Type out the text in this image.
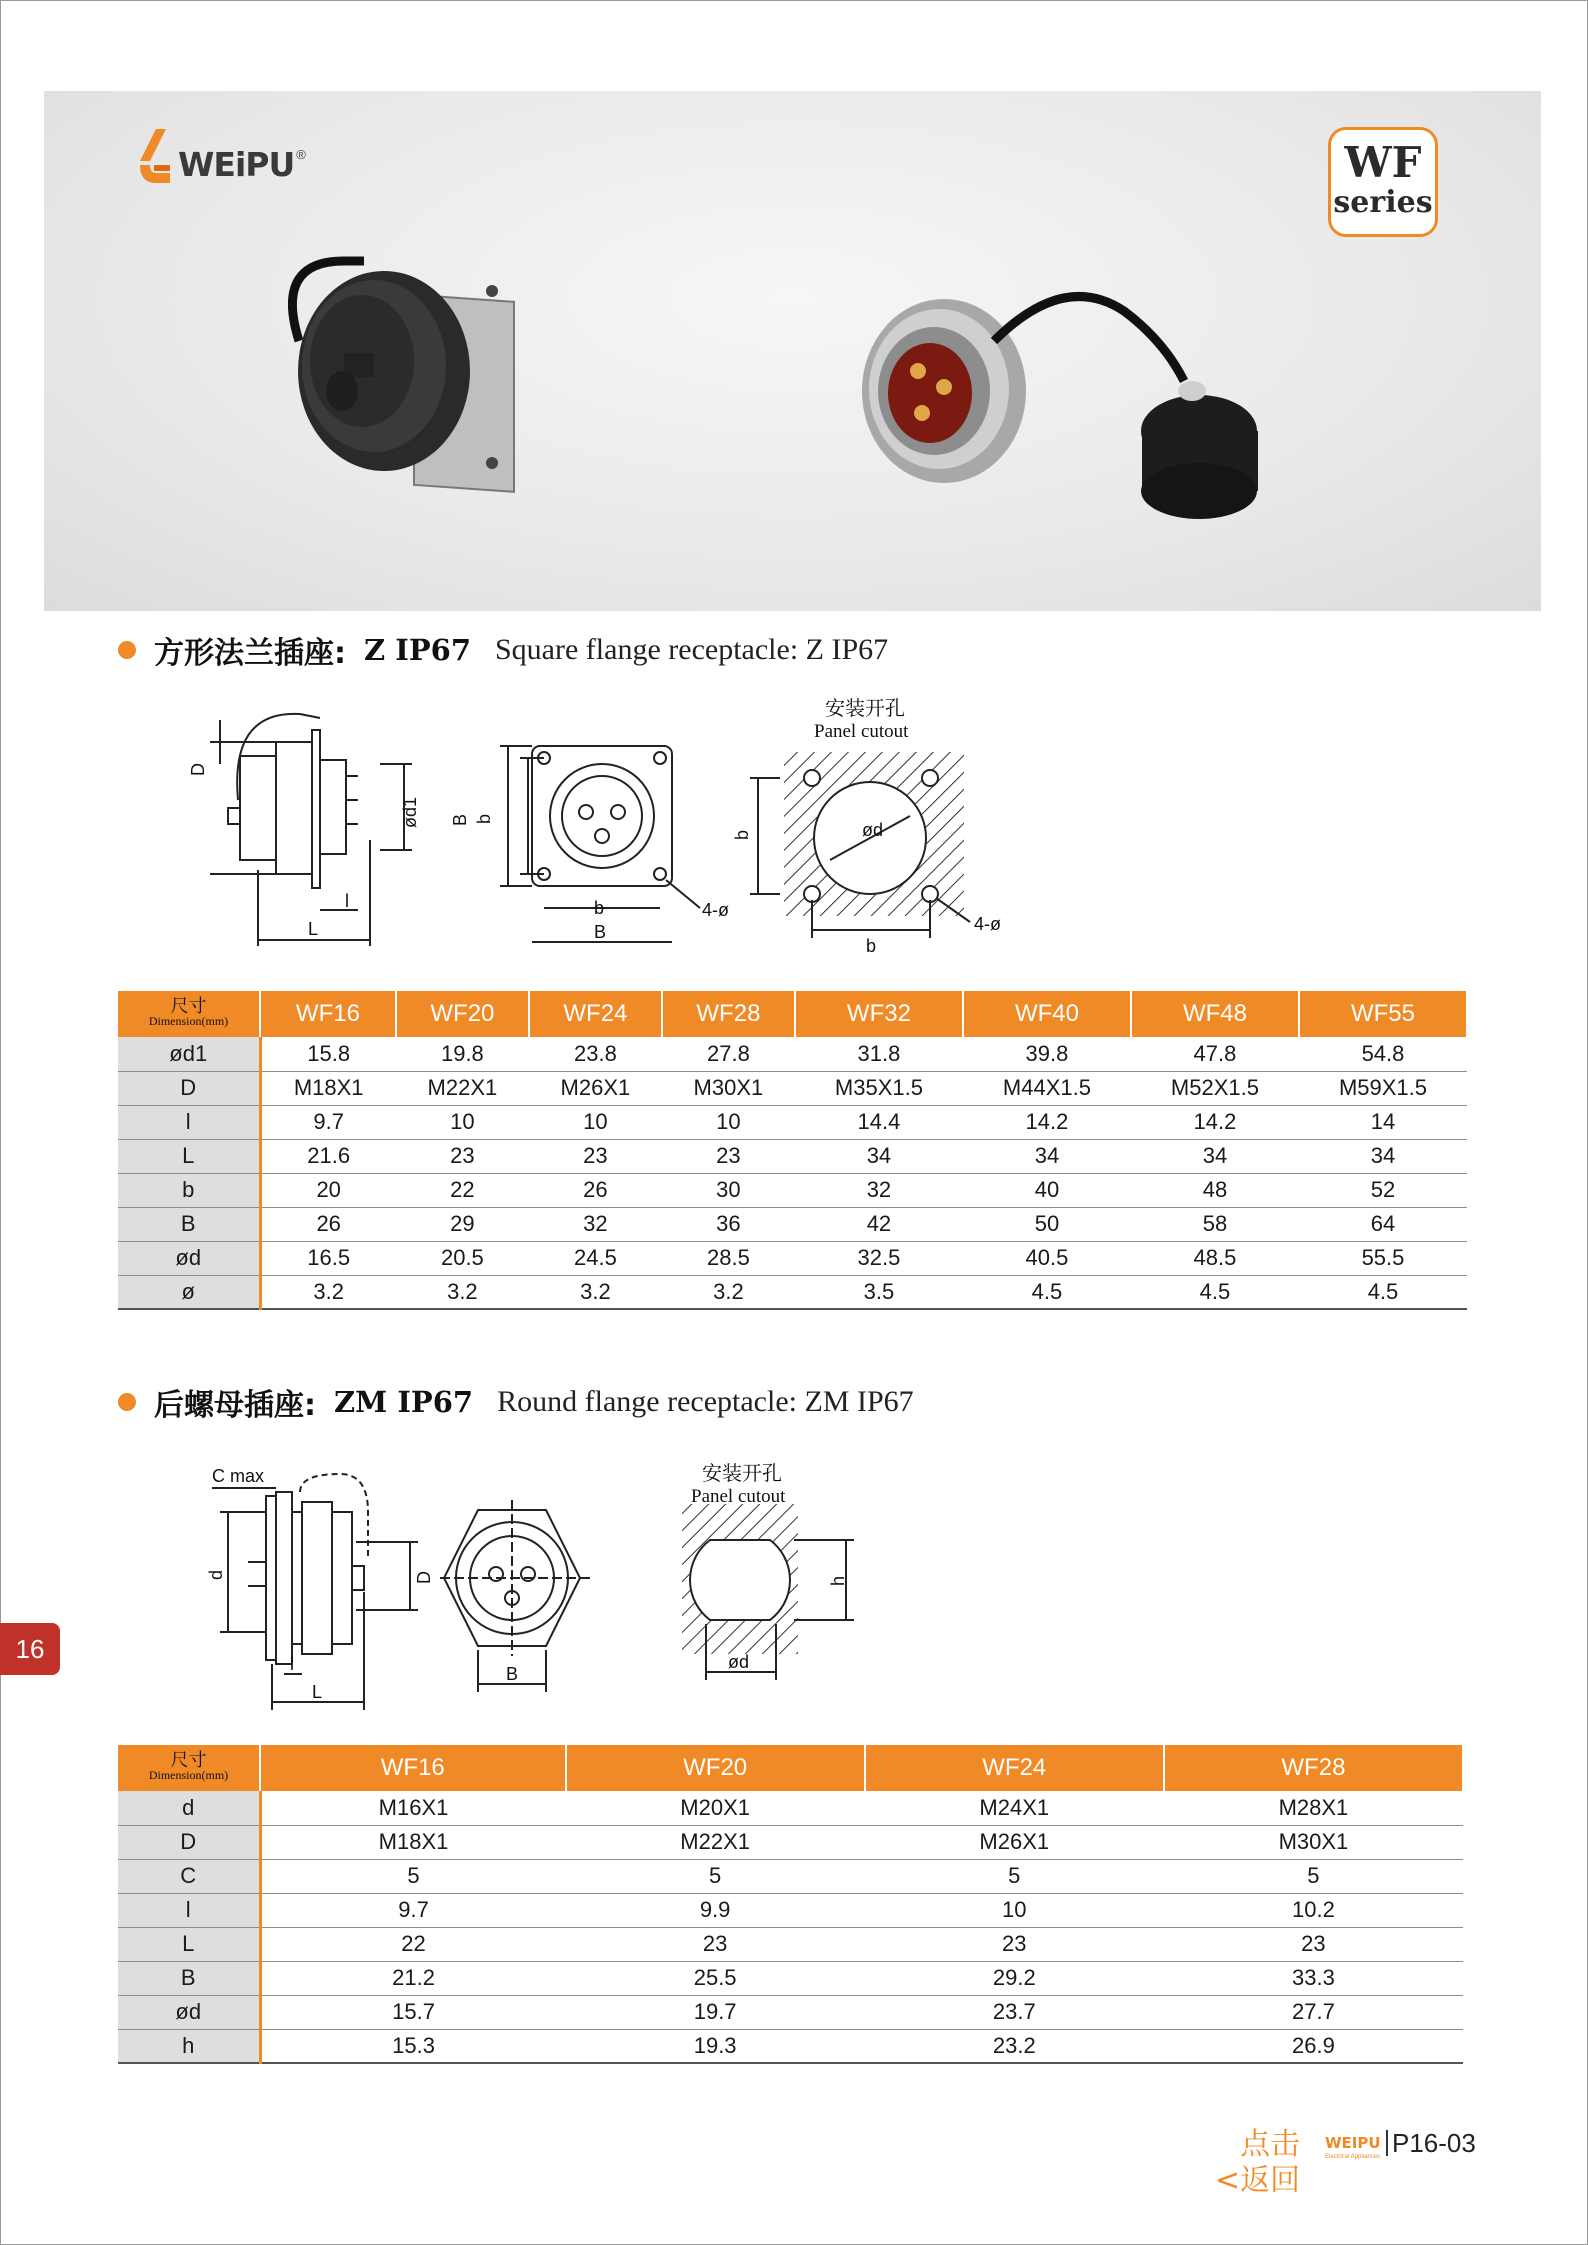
WEiPU ®	WF
series
方形法兰插座: Z IP67 Square flange receptacle: Z IP67
D
ød1
l
L
B b
b
B
4-ø
安装开孔
Panel cutout
b
b
ød
4-ø
尺寸
Dimension(mm)	WF16	WF20	WF24	WF28	WF32	WF40	WF48	WF55
ød1	15.8	19.8	23.8	27.8	31.8	39.8	47.8	54.8
D	M18X1	M22X1	M26X1	M30X1	M35X1.5	M44X1.5	M52X1.5	M59X1.5
l	9.7	10	10	10	14.4	14.2	14.2	14
L	21.6	23	23	23	34	34	34	34
b	20	22	26	30	32	40	48	52
B	26	29	32	36	42	50	58	64
ød	16.5	20.5	24.5	28.5	32.5	40.5	48.5	55.5
ø	3.2	3.2	3.2	3.2	3.5	4.5	4.5	4.5
后螺母插座: ZM IP67 Round flange receptacle: ZM IP67
C max
D
d
l
L
B
安装开孔
Panel cutout
h
ød
尺寸
Dimension(mm)	WF16	WF20	WF24	WF28
d	M16X1	M20X1	M24X1	M28X1
D	M18X1	M22X1	M26X1	M30X1
C	5	5	5	5
l	9.7	9.9	10	10.2
L	22	23	23	23
B	21.2	25.5	29.2	33.3
ød	15.7	19.7	23.7	27.7
h	15.3	19.3	23.2	26.9
16
点击
<返回
WEIPU
Electrical Appliances P16-03
